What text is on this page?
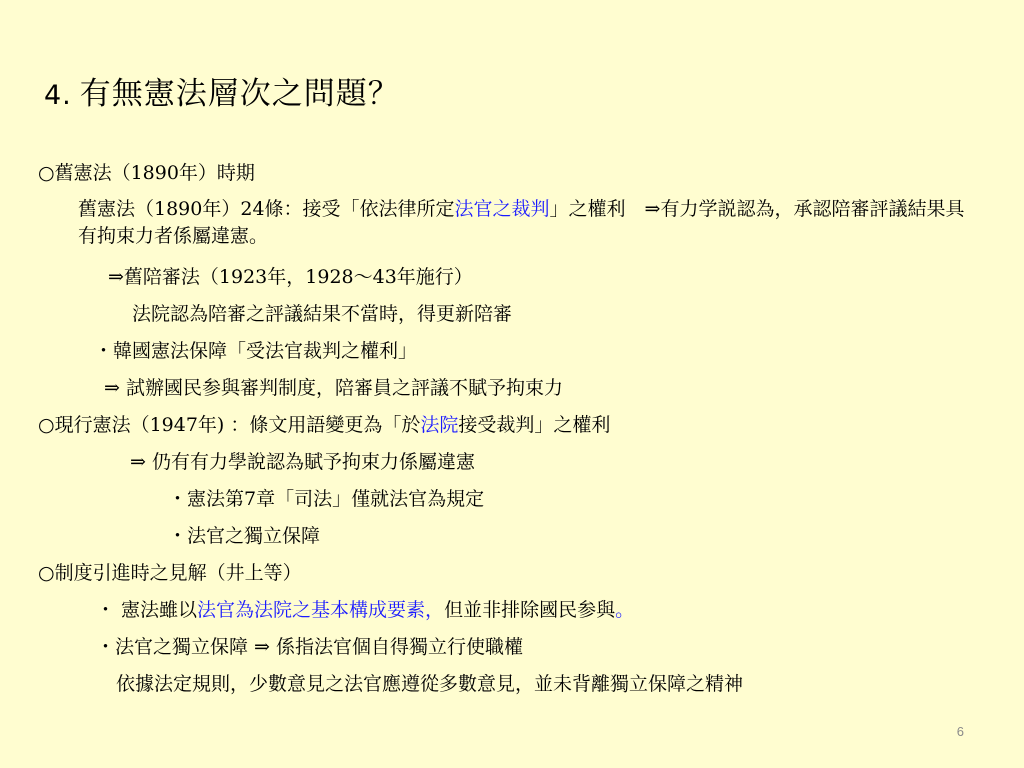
4. 有無憲法層次之問題？
○舊憲法（1890年）時期
舊憲法（1890年）24條：接受「依法律所定法官之裁判」之權利　⇒有力学説認為，承認陪審評議結果具有拘束力者係屬違憲。
⇒舊陪審法（1923年，1928～43年施行）
法院認為陪審之評議結果不當時，得更新陪審
・韓國憲法保障「受法官裁判之權利」
⇒ 試辦國民参與審判制度，陪審員之評議不賦予拘束力
○現行憲法（1947年) ：條文用語變更為「於法院接受裁判」之權利
⇒ 仍有有力學說認為賦予拘束力係屬違憲
・憲法第7章「司法」僅就法官為規定
・法官之獨立保障
○制度引進時之見解（井上等）
・ 憲法雖以法官為法院之基本構成要素，但並非排除國民参與。
・法官之獨立保障 ⇒ 係指法官個自得獨立行使職權
依據法定規則，少數意見之法官應遵從多數意見，並未背離獨立保障之精神
6
